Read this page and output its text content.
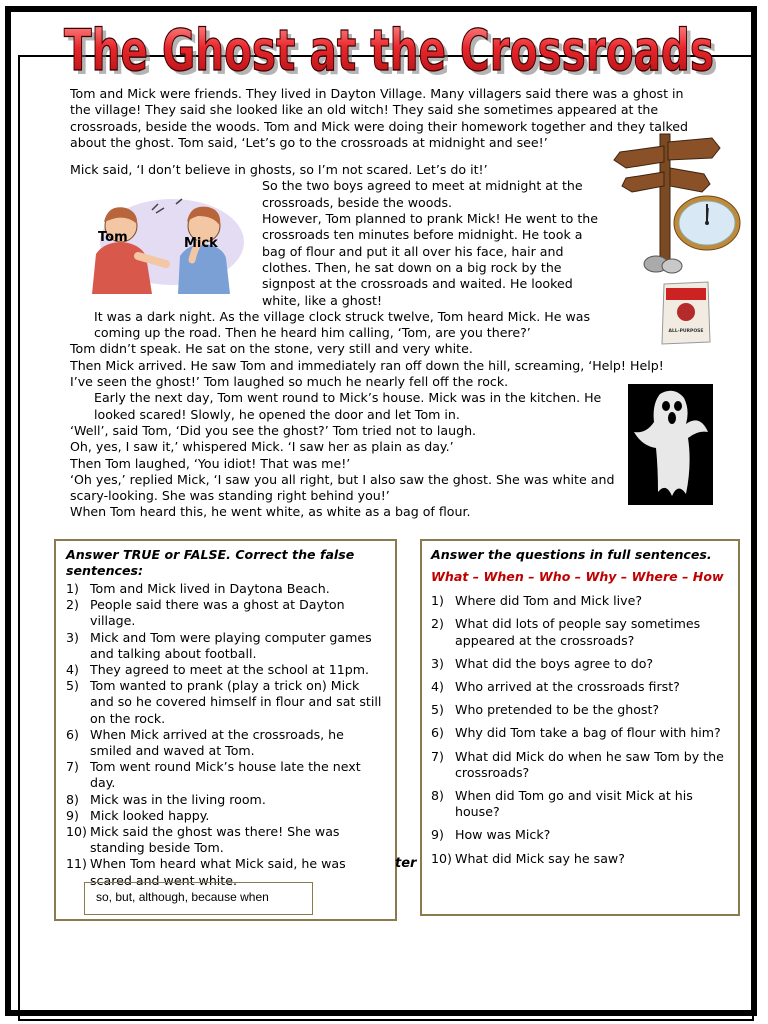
The Ghost at the Crossroads
The Ghost at the Crossroads

Tom and Mick were friends. They lived in Dayton Village. Many villagers said there was a ghost in the village! They said she looked like an old witch! They said she sometimes appeared at the crossroads, beside the woods. Tom and Mick were doing their homework together and they talked about the ghost. Tom said, ‘Let’s go to the crossroads at midnight and see!’

Mick said, ‘I don’t believe in ghosts, so I’m not scared. Let’s do it!’

So the two boys agreed to meet at midnight at the crossroads, beside the woods.

However, Tom planned to prank Mick! He went to the crossroads ten minutes before midnight. He took a bag of flour and put it all over his face, hair and clothes. Then, he sat down on a big rock by the signpost at the crossroads and waited. He looked white, like a ghost!

It was a dark night. As the village clock struck twelve, Tom heard Mick. He was coming up the road. Then he heard him calling, ‘Tom, are you there?’

Tom didn’t speak. He sat on the stone, very still and very white.

Then Mick arrived. He saw Tom and immediately ran off down the hill, screaming, ‘Help! Help! I’ve seen the ghost!’ Tom laughed so much he nearly fell off the rock.

Early the next day, Tom went round to Mick’s house. Mick was in the kitchen. He looked scared! Slowly, he opened the door and let Tom in.

‘Well’, said Tom, ‘Did you see the ghost?’ Tom tried not to laugh.

Oh, yes, I saw it,’ whispered Mick. ‘I saw her as plain as day.’

Then Tom laughed, ‘You idiot! That was me!’

‘Oh yes,’ replied Mick, ‘I saw you all right, but I also saw the ghost. She was white and scary-looking. She was standing right behind you!’

When Tom heard this, he went white, as white as a bag of flour.

Tom	Mick
ALL-PURPOSE
Answer TRUE or FALSE. Correct the false sentences:
1) Tom and Mick lived in Daytona Beach.
2) People said there was a ghost at Dayton village.
3) Mick and Tom were playing computer games and talking about football.
4) They agreed to meet at the school at 11pm.
5) Tom wanted to prank (play a trick on) Mick and so he covered himself in flour and sat still on the rock.
6) When Mick arrived at the crossroads, he smiled and waved at Tom.
7) Tom went round Mick’s house late the next day.
8) Mick was in the living room.
9) Mick looked happy.
10) Mick said the ghost was there! She was standing beside Tom.
11) When Tom heard what Mick said, he was scared and went white.
ter
so, but, although, because when
Answer the questions in full sentences.
What – When – Who – Why – Where – How
1) Where did Tom and Mick live?
2) What did lots of people say sometimes appeared at the crossroads?
3) What did the boys agree to do?
4) Who arrived at the crossroads first?
5) Who pretended to be the ghost?
6) Why did Tom take a bag of flour with him?
7) What did Mick do when he saw Tom by the crossroads?
8) When did Tom go and visit Mick at his house?
9) How was Mick?
10) What did Mick say he saw?
